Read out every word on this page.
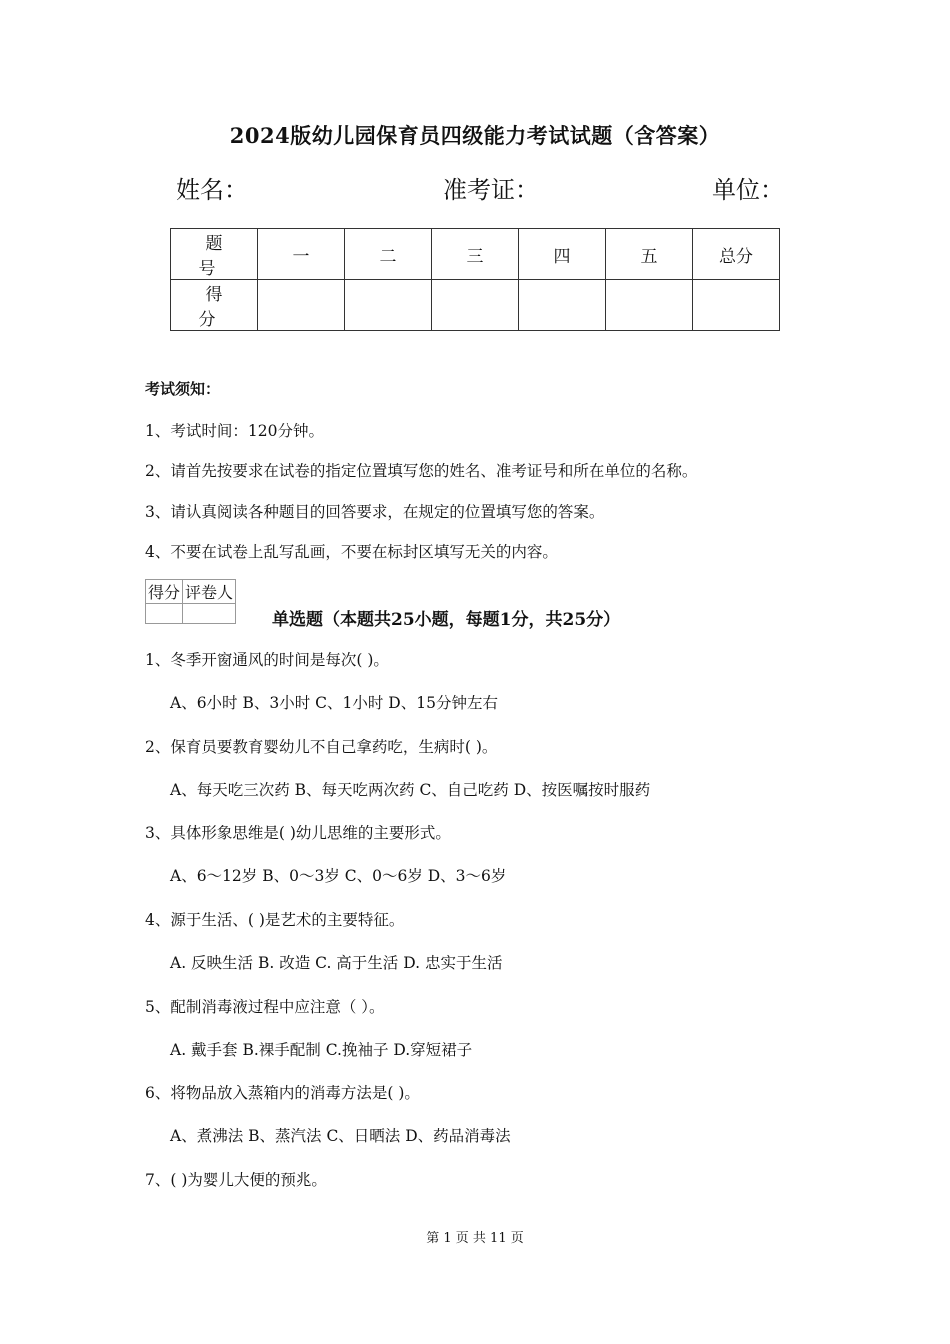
2024版幼儿园保育员四级能力考试试题（含答案）
姓名：	准考证：	单位：
题 号	一	二	三	四	五	总分
得 分						
考试须知：
1、考试时间：120分钟。
2、请首先按要求在试卷的指定位置填写您的姓名、准考证号和所在单位的名称。
3、请认真阅读各种题目的回答要求，在规定的位置填写您的答案。
4、不要在试卷上乱写乱画，不要在标封区填写无关的内容。
得分	评卷人

单选题（本题共25小题，每题1分，共25分）
1、冬季开窗通风的时间是每次( )。
A、6小时 B、3小时 C、1小时 D、15分钟左右
2、保育员要教育婴幼儿不自己拿药吃，生病时( )。
A、每天吃三次药 B、每天吃两次药 C、自己吃药 D、按医嘱按时服药
3、具体形象思维是( )幼儿思维的主要形式。
A、6～12岁 B、0～3岁 C、0～6岁 D、3～6岁
4、源于生活、( )是艺术的主要特征。
A. 反映生活 B. 改造 C. 高于生活 D. 忠实于生活
5、配制消毒液过程中应注意（ ）。
A. 戴手套 B.裸手配制 C.挽袖子 D.穿短裙子
6、将物品放入蒸箱内的消毒方法是( )。
A、煮沸法 B、蒸汽法 C、日晒法 D、药品消毒法
7、( )为婴儿大便的预兆。
第 1 页 共 11 页
